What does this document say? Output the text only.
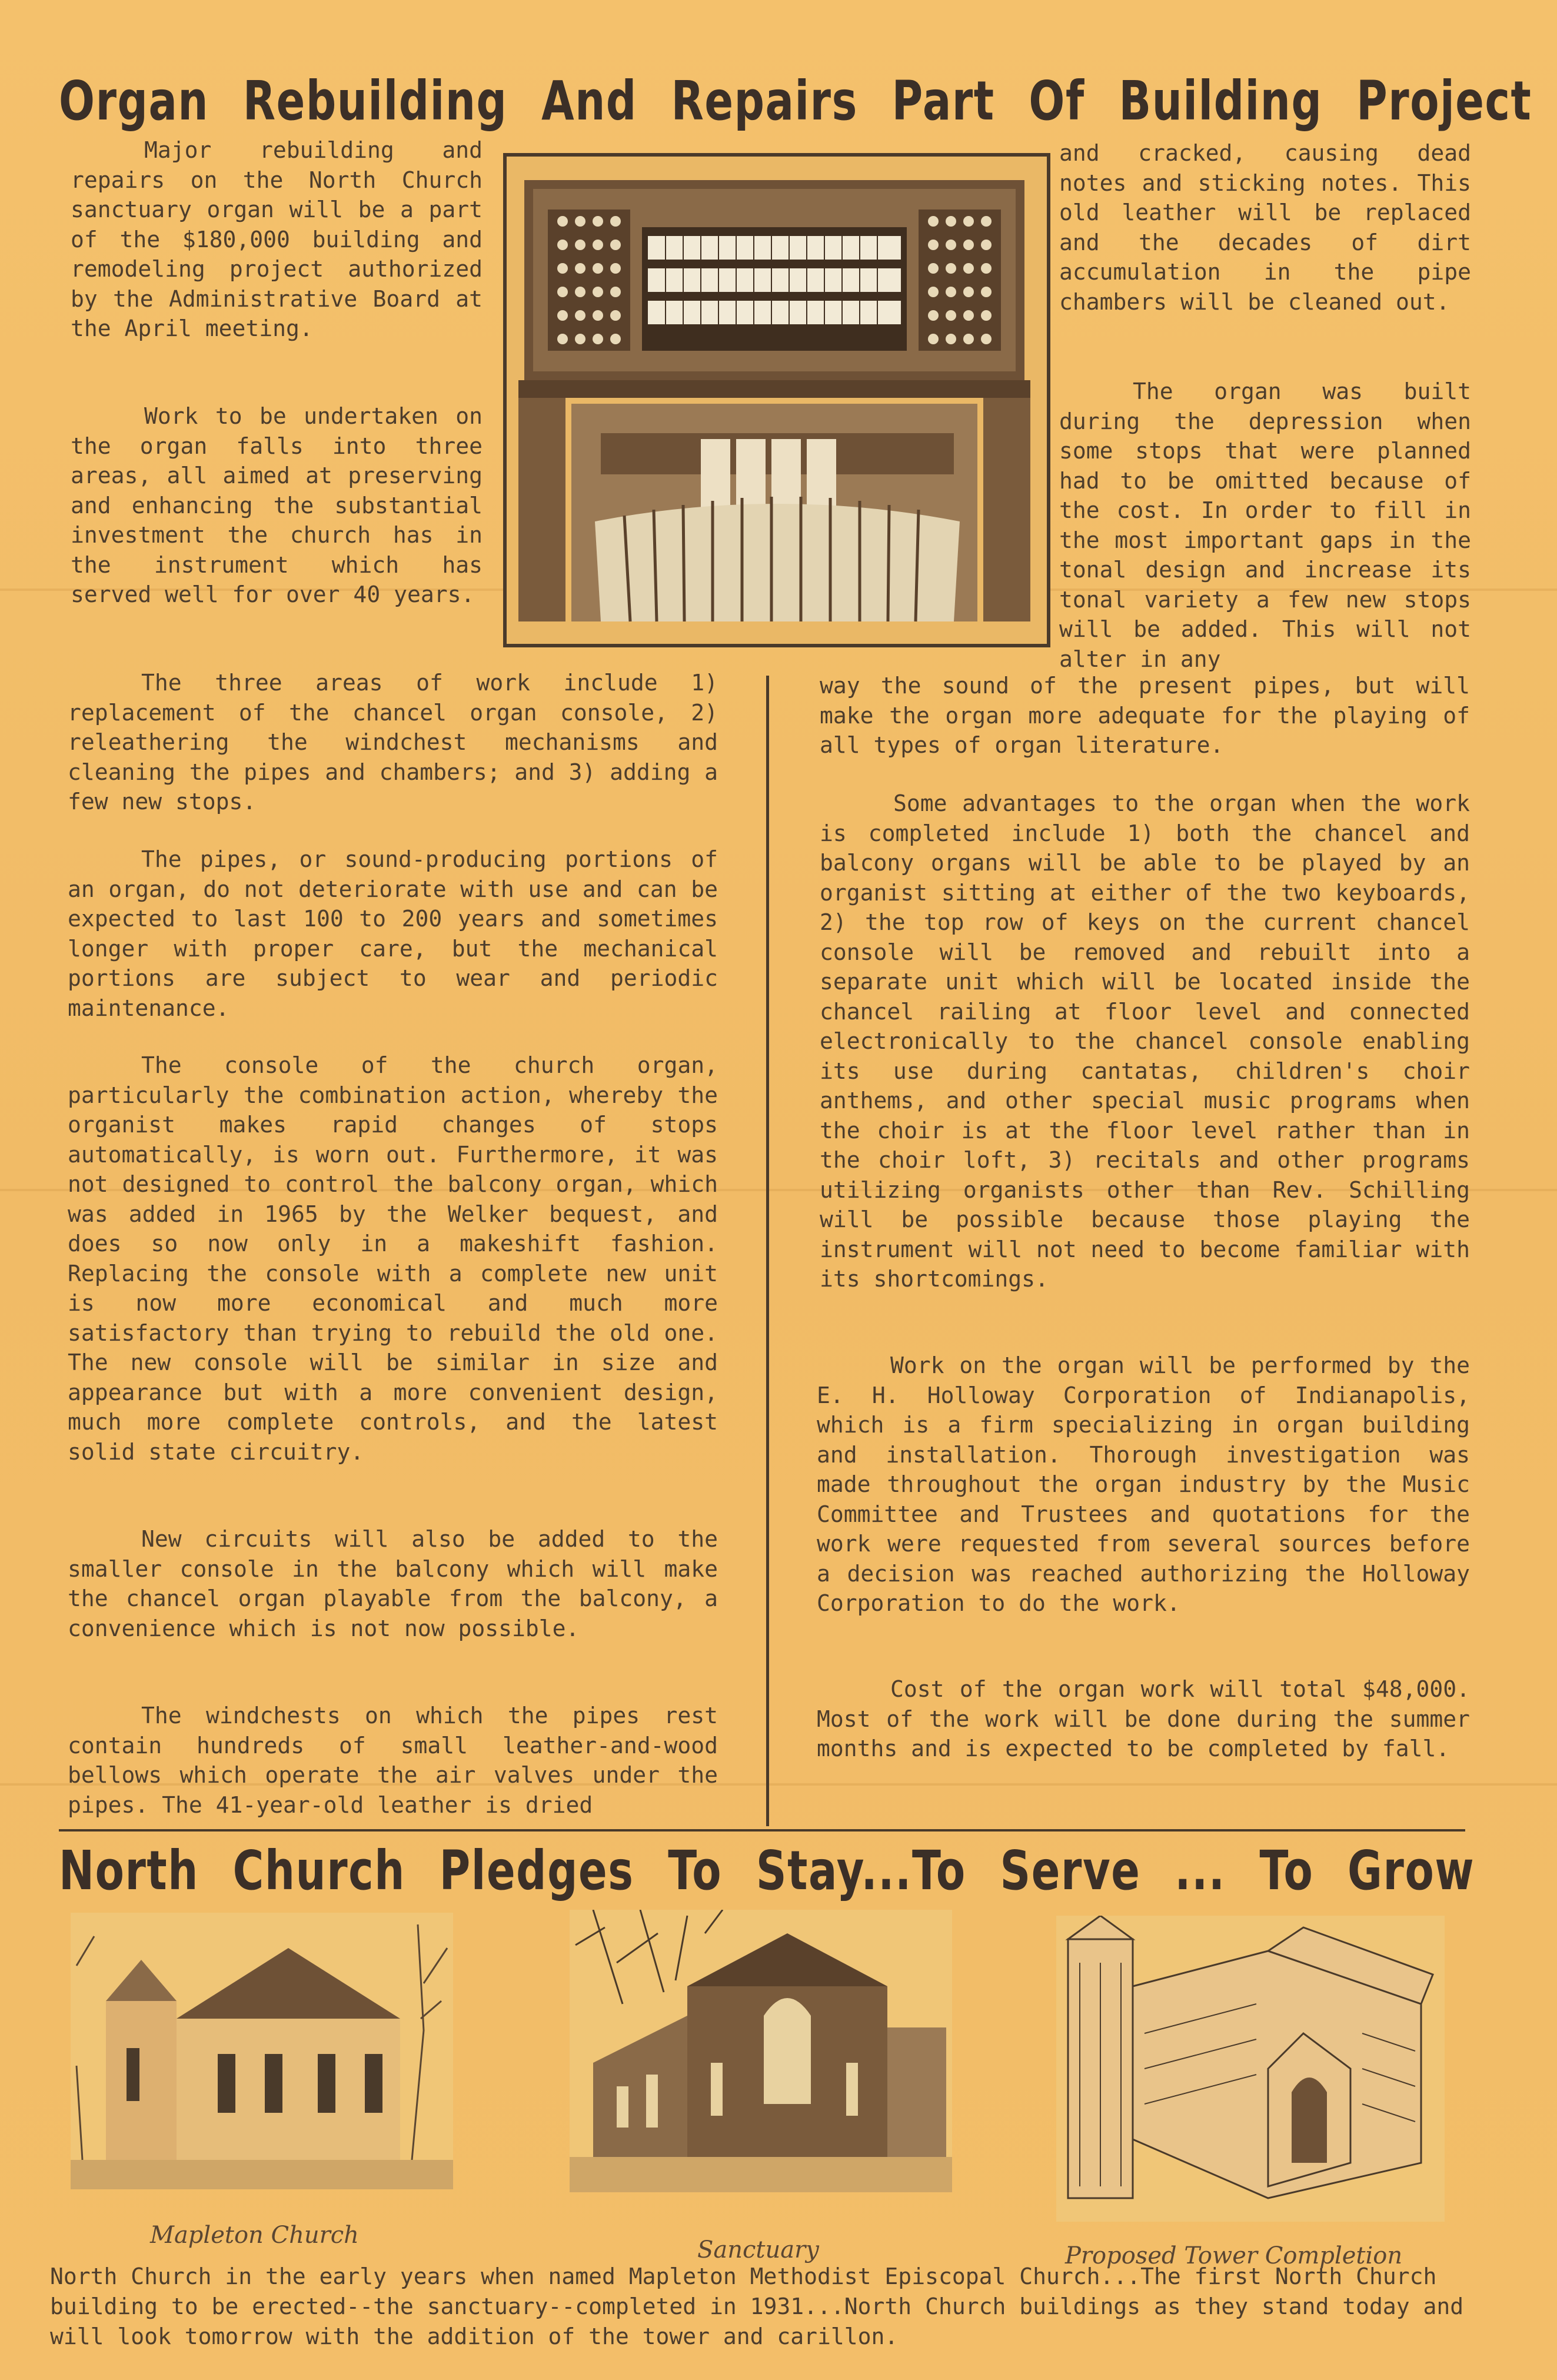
Organ Rebuilding And Repairs Part Of Building Project

Major rebuilding and repairs on the North Church sanctuary organ will be a part of the $180,000 building and remodeling project authorized by the Administrative Board at the April meeting.

Work to be undertaken on the organ falls into three areas, all aimed at preserving and enhancing the substantial investment the church has in the instrument which has served well for over 40 years.

The three areas of work include 1) replacement of the chancel organ console, 2) releathering the windchest mechanisms and cleaning the pipes and chambers; and 3) adding a few new stops.

The pipes, or sound-producing portions of an organ, do not deteriorate with use and can be expected to last 100 to 200 years and sometimes longer with proper care, but the mechanical portions are subject to wear and periodic maintenance.

The console of the church organ, particularly the combination action, whereby the organist makes rapid changes of stops automatically, is worn out. Furthermore, it was not designed to control the balcony organ, which was added in 1965 by the Welker bequest, and does so now only in a makeshift fashion. Replacing the console with a complete new unit is now more economical and much more satisfactory than trying to rebuild the old one. The new console will be similar in size and appearance but with a more convenient design, much more complete controls, and the latest solid state circuitry.

New circuits will also be added to the smaller console in the balcony which will make the chancel organ playable from the balcony, a convenience which is not now possible.

The windchests on which the pipes rest contain hundreds of small leather-and-wood bellows which operate the air valves under the pipes. The 41-year-old leather is dried

and cracked, causing dead notes and sticking notes. This old leather will be replaced and the decades of dirt accumulation in the pipe chambers will be cleaned out.

The organ was built during the depression when some stops that were planned had to be omitted because of the cost. In order to fill in the most important gaps in the tonal design and increase its tonal variety a few new stops will be added. This will not alter in any

way the sound of the present pipes, but will make the organ more adequate for the playing of all types of organ literature.

Some advantages to the organ when the work is completed include 1) both the chancel and balcony organs will be able to be played by an organist sitting at either of the two keyboards, 2) the top row of keys on the current chancel console will be removed and rebuilt into a separate unit which will be located inside the chancel railing at floor level and connected electronically to the chancel console enabling its use during cantatas, children's choir anthems, and other special music programs when the choir is at the floor level rather than in the choir loft, 3) recitals and other programs utilizing organists other than Rev. Schilling will be possible because those playing the instrument will not need to become familiar with its shortcomings.

Work on the organ will be performed by the E. H. Holloway Corporation of Indianapolis, which is a firm specializing in organ building and installation. Thorough investigation was made throughout the organ industry by the Music Committee and Trustees and quotations for the work were requested from several sources before a decision was reached authorizing the Holloway Corporation to do the work.

Cost of the organ work will total $48,000. Most of the work will be done during the summer months and is expected to be completed by fall.

North Church Pledges To Stay...To Serve ... To Grow

Mapleton Church

Sanctuary	Proposed Tower Completion

North Church in the early years when named Mapleton Methodist Episcopal Church...The first North Church building to be erected--the sanctuary--completed in 1931...North Church buildings as they stand today and will look tomorrow with the addition of the tower and carillon.
